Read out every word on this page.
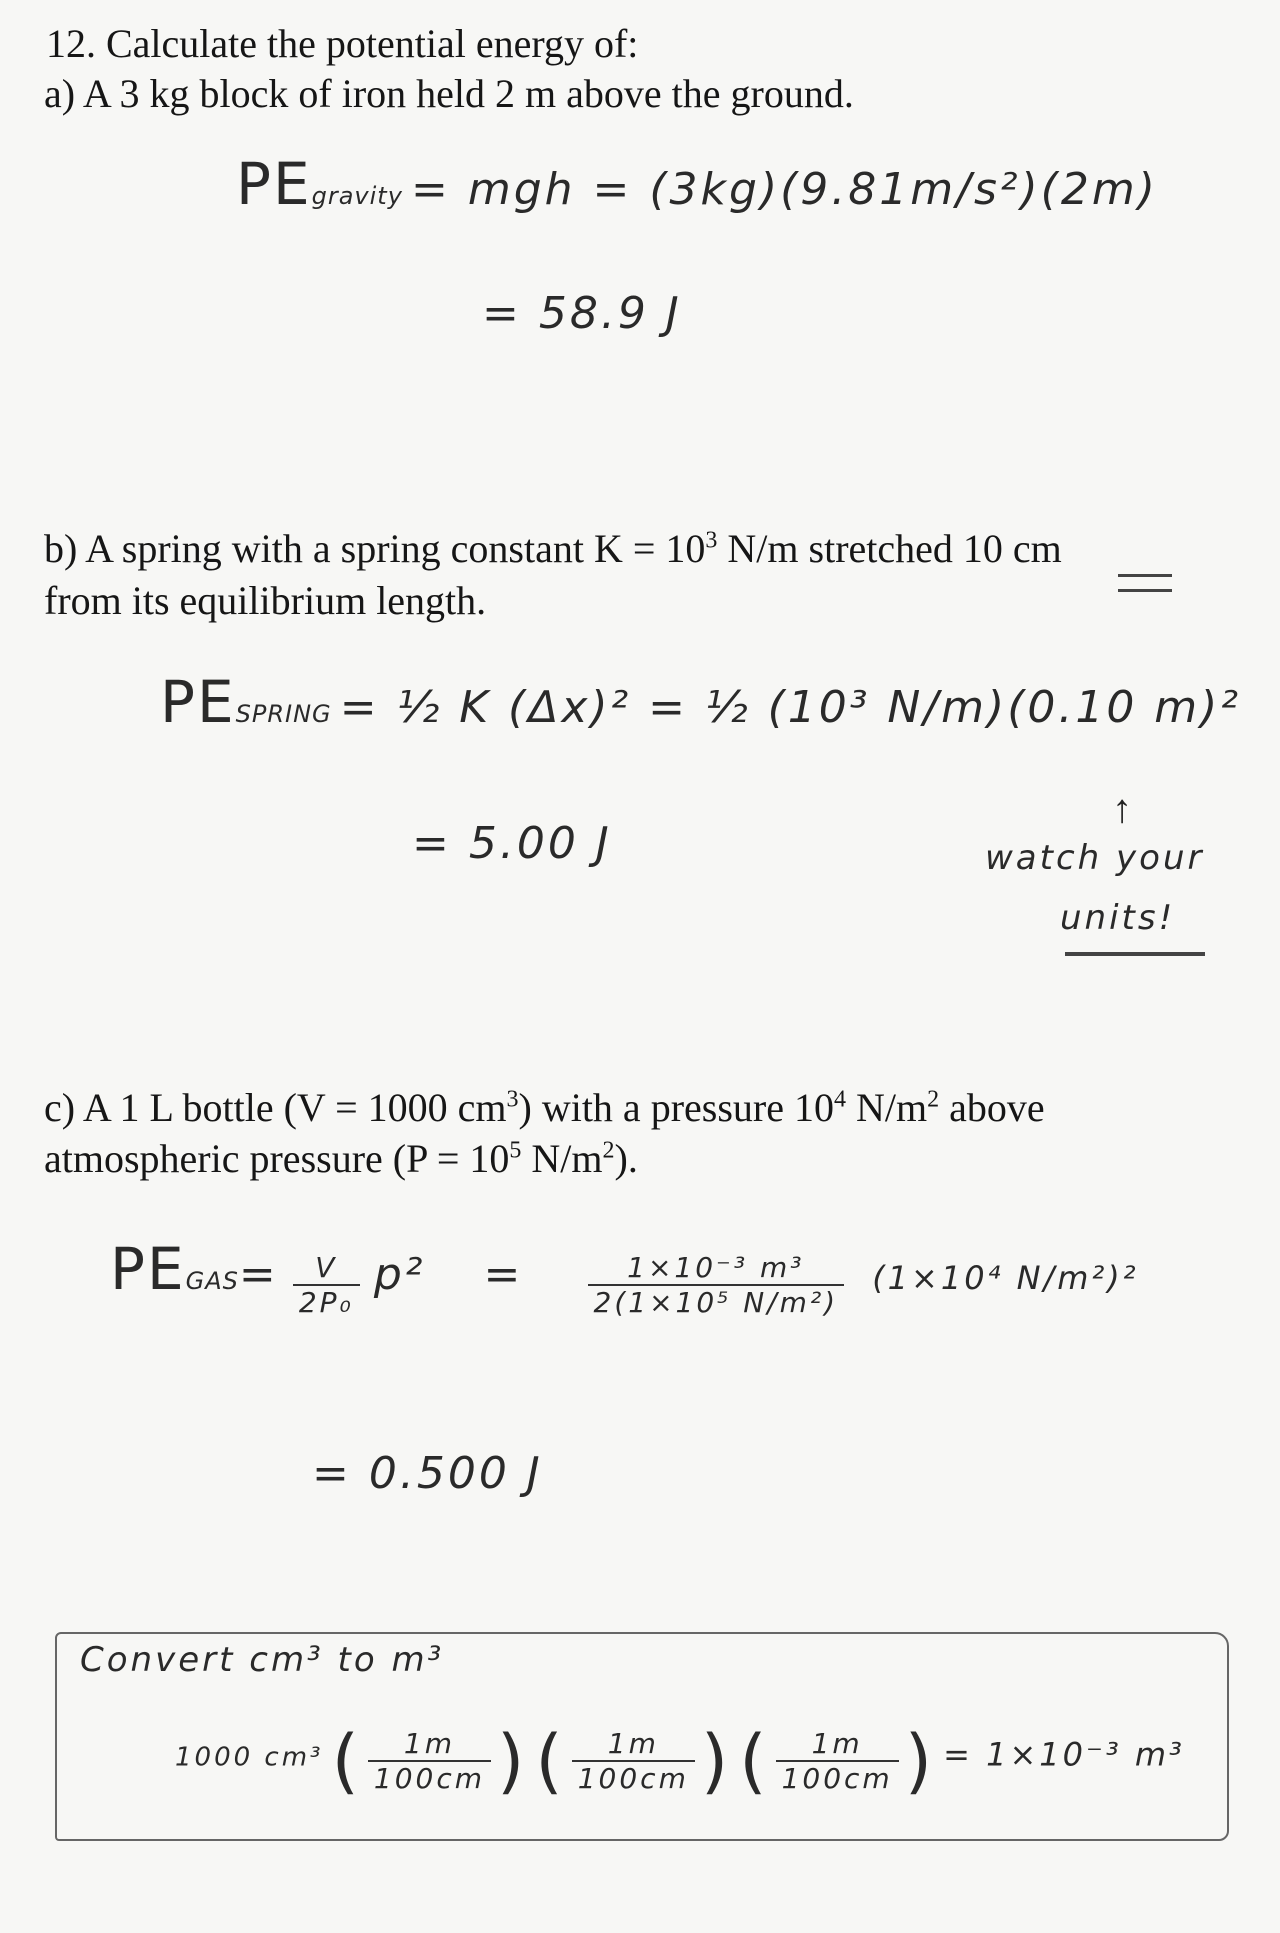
12. Calculate the potential energy of:

a) A 3 kg block of iron held 2 m above the ground.

b) A spring with a spring constant $K = 10^3$ N/m stretched 10 cm

from its equilibrium length.

c) A 1 L bottle (V = 1000 $cm^3$) with a pressure $10^4$ $N/m^2$ above

atmospheric pressure ($P = 10^5$ $N/m^2$).

PEgravity = mgh = (3kg)(9.81m/s²)(2m)
= 58.9 J
PESPRING = ½ K (Δx)² = ½ (10³ N/m)(0.10 m)²
= 5.00 J
↑
watch your
units!
PEGAS= $\frac{V}{\text{2P₀}} p^2 = \frac{\text{1×10⁻³ m³}}{\text{2(1×10⁵ N/m²)}} (1\times 10^4$ N/m²)²
= 0.500 J
Convert cm³ to m³
1000 cm³ ( $\frac{1m}{100cm}$ ) ( $\frac{1m}{100cm}$ ) ( $\frac{1m}{100cm}$ ) = 1×10⁻³ m³
